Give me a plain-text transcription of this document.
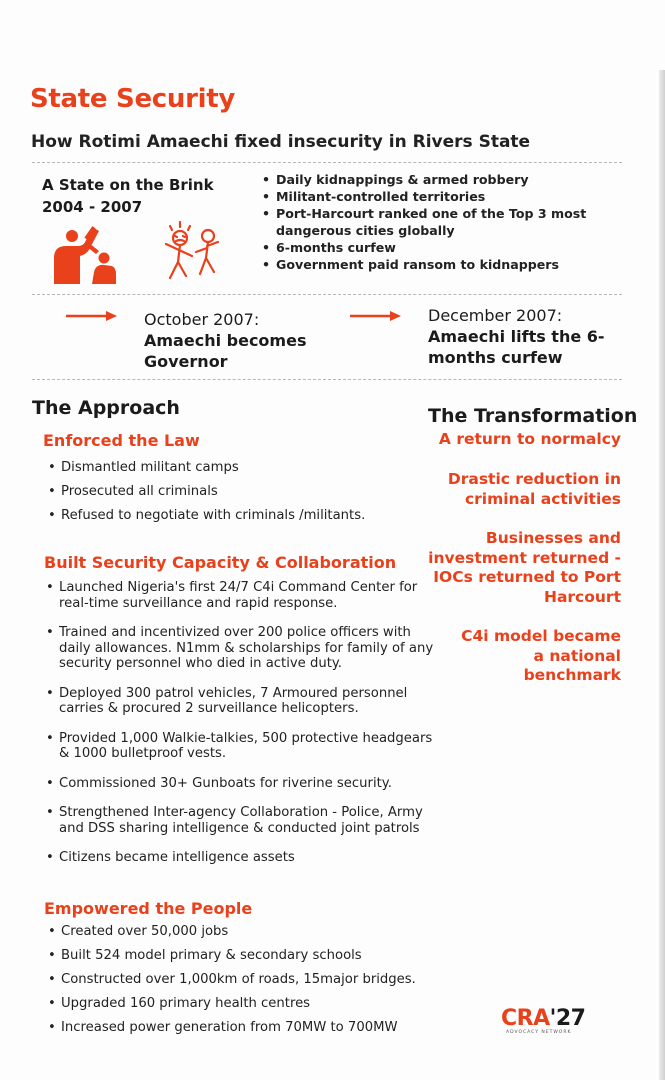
State Security
How Rotimi Amaechi fixed insecurity in Rivers State
A State on the Brink
2004 - 2007
• Daily kidnappings & armed robbery
• Militant-controlled territories
• Port-Harcourt ranked one of the Top 3 most dangerous cities globally
• 6-months curfew
• Government paid ransom to kidnappers
October 2007:
Amaechi becomes
Governor
December 2007:
Amaechi lifts the 6-
months curfew
The Approach
Enforced the Law
• Dismantled militant camps
• Prosecuted all criminals
• Refused to negotiate with criminals /militants.
Built Security Capacity & Collaboration
• Launched Nigeria's first 24/7 C4i Command Center for real-time surveillance and rapid response.
• Trained and incentivized over 200 police officers with daily allowances. N1mm & scholarships for family of any security personnel who died in active duty.
• Deployed 300 patrol vehicles, 7 Armoured personnel carries & procured 2 surveillance helicopters.
• Provided 1,000 Walkie-talkies, 500 protective headgears & 1000 bulletproof vests.
• Commissioned 30+ Gunboats for riverine security.
• Strengthened Inter-agency Collaboration - Police, Army and DSS sharing intelligence & conducted joint patrols
• Citizens became intelligence assets
Empowered the People
• Created over 50,000 jobs
• Built 524 model primary & secondary schools
• Constructed over 1,000km of roads, 15major bridges.
• Upgraded 160 primary health centres
• Increased power generation from 70MW to 700MW
The Transformation
A return to normalcy
Drastic reduction in criminal activities
Businesses and investment returned - IOCs returned to Port Harcourt
C4i model became a national benchmark
CRA'27
ADVOCACY NETWORK
